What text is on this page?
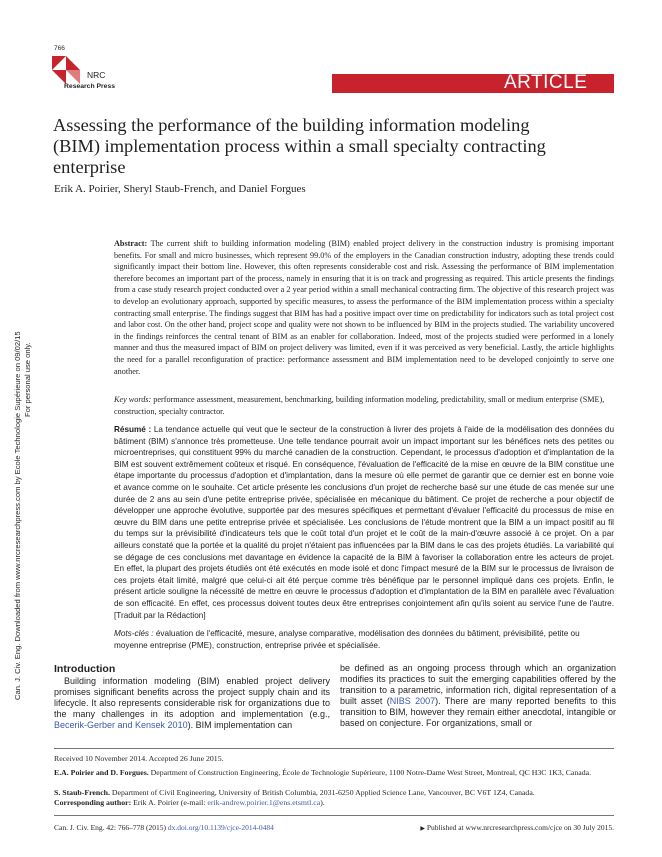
766
NRC
Research Press	ARTICLE
Can. J. Civ. Eng. Downloaded from www.nrcresearchpress.com by Ecole Technologie Supérieure on 09/02/15 For personal use only.
Assessing the performance of the building information modeling (BIM) implementation process within a small specialty contracting enterprise
Erik A. Poirier, Sheryl Staub-French, and Daniel Forgues
Abstract: The current shift to building information modeling (BIM) enabled project delivery in the construction industry is promising important benefits. For small and micro businesses, which represent 99.0% of the employers in the Canadian construction industry, adopting these trends could significantly impact their bottom line. However, this often represents considerable cost and risk. Assessing the performance of BIM implementation therefore becomes an important part of the process, namely in ensuring that it is on track and progressing as required. This article presents the findings from a case study research project conducted over a 2 year period within a small mechanical contracting firm. The objective of this research project was to develop an evolutionary approach, supported by specific measures, to assess the performance of the BIM implementation process within a specialty contracting small enterprise. The findings suggest that BIM has had a positive impact over time on predictability for indicators such as total project cost and labor cost. On the other hand, project scope and quality were not shown to be influenced by BIM in the projects studied. The variability uncovered in the findings reinforces the central tenant of BIM as an enabler for collaboration. Indeed, most of the projects studied were performed in a lonely manner and thus the measured impact of BIM on project delivery was limited, even if it was perceived as very beneficial. Lastly, the article highlights the need for a parallel reconfiguration of practice: performance assessment and BIM implementation need to be developed conjointly to serve one another.
Key words: performance assessment, measurement, benchmarking, building information modeling, predictability, small or medium enterprise (SME), construction, specialty contractor.
Résumé : La tendance actuelle qui veut que le secteur de la construction à livrer des projets à l'aide de la modélisation des données du bâtiment (BIM) s'annonce très prometteuse. Une telle tendance pourrait avoir un impact important sur les bénéfices nets des petites ou microentreprises, qui constituent 99% du marché canadien de la construction. Cependant, le processus d'adoption et d'implantation de la BIM est souvent extrêmement coûteux et risqué. En conséquence, l'évaluation de l'efficacité de la mise en œuvre de la BIM constitue une étape importante du processus d'adoption et d'implantation, dans la mesure où elle permet de garantir que ce dernier est en bonne voie et avance comme on le souhaite. Cet article présente les conclusions d'un projet de recherche basé sur une étude de cas menée sur une durée de 2 ans au sein d'une petite entreprise privée, spécialisée en mécanique du bâtiment. Ce projet de recherche a pour objectif de développer une approche évolutive, supportée par des mesures spécifiques et permettant d'évaluer l'efficacité du processus de mise en œuvre du BIM dans une petite entreprise privée et spécialisée. Les conclusions de l'étude montrent que la BIM a un impact positif au fil du temps sur la prévisibilité d'indicateurs tels que le coût total d'un projet et le coût de la main-d'œuvre associé à ce projet. On a par ailleurs constaté que la portée et la qualité du projet n'étaient pas influencées par la BIM dans le cas des projets étudiés. La variabilité qui se dégage de ces conclusions met davantage en évidence la capacité de la BIM à favoriser la collaboration entre les acteurs de projet. En effet, la plupart des projets étudiés ont été exécutés en mode isolé et donc l'impact mesuré de la BIM sur le processus de livraison de ces projets était limité, malgré que celui-ci ait été perçue comme très bénéfique par le personnel impliqué dans ces projets. Enfin, le présent article souligne la nécessité de mettre en œuvre le processus d'adoption et d'implantation de la BIM en parallèle avec l'évaluation de son efficacité. En effet, ces processus doivent toutes deux être entreprises conjointement afin qu'ils soient au service l'une de l'autre. [Traduit par la Rédaction]
Mots-clés : évaluation de l'efficacité, mesure, analyse comparative, modélisation des données du bâtiment, prévisibilité, petite ou moyenne entreprise (PME), construction, entreprise privée et spécialisée.
Introduction
Building information modeling (BIM) enabled project delivery promises significant benefits across the project supply chain and its lifecycle. It also represents considerable risk for organizations due to the many challenges in its adoption and implementation (e.g., Becerik-Gerber and Kensek 2010). BIM implementation can
be defined as an ongoing process through which an organization modifies its practices to suit the emerging capabilities offered by the transition to a parametric, information rich, digital representation of a built asset (NIBS 2007). There are many reported benefits to this transition to BIM, however they remain either anecdotal, intangible or based on conjecture. For organizations, small or
Received 10 November 2014. Accepted 26 June 2015.
E.A. Poirier and D. Forgues. Department of Construction Engineering, École de Technologie Supérieure, 1100 Notre-Dame West Street, Montreal, QC H3C 1K3, Canada.
S. Staub-French. Department of Civil Engineering, University of British Columbia, 2031-6250 Applied Science Lane, Vancouver, BC V6T 1Z4, Canada.
Corresponding author: Erik A. Poirier (e-mail: erik-andrew.poirier.1@ens.etsmtl.ca).
Can. J. Civ. Eng. 42: 766–778 (2015) dx.doi.org/10.1139/cjce-2014-0484	▶ Published at www.nrcresearchpress.com/cjce on 30 July 2015.
